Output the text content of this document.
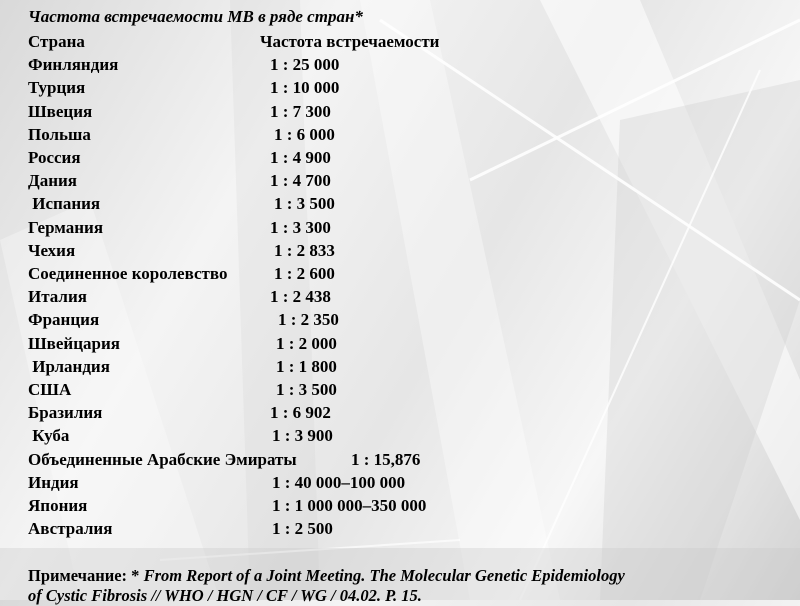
Частота встречаемости МВ в ряде стран*
Страна	Частота встречаемости
Финляндия	1 : 25 000
Турция	1 : 10 000
Швеция	1 : 7 300
Польша	1 : 6 000
Россия	1 : 4 900
Дания	1 : 4 700
Испания	1 : 3 500
Германия	1 : 3 300
Чехия	1 : 2 833
Соединенное королевство	1 : 2 600
Италия	1 : 2 438
Франция	1 : 2 350
Швейцария	1 : 2 000
Ирландия	1 : 1 800
США	1 : 3 500
Бразилия	1 : 6 902
Куба	1 : 3 900
Объединенные Арабские Эмираты	1 : 15,876
Индия	1 : 40 000–100 000
Япония	1 : 1 000 000–350 000
Австралия	1 : 2 500
Примечание: * From Report of a Joint Meeting. The Molecular Genetic Epidemiology
of Cystic Fibrosis // WHO / HGN / CF / WG / 04.02. P. 15.
